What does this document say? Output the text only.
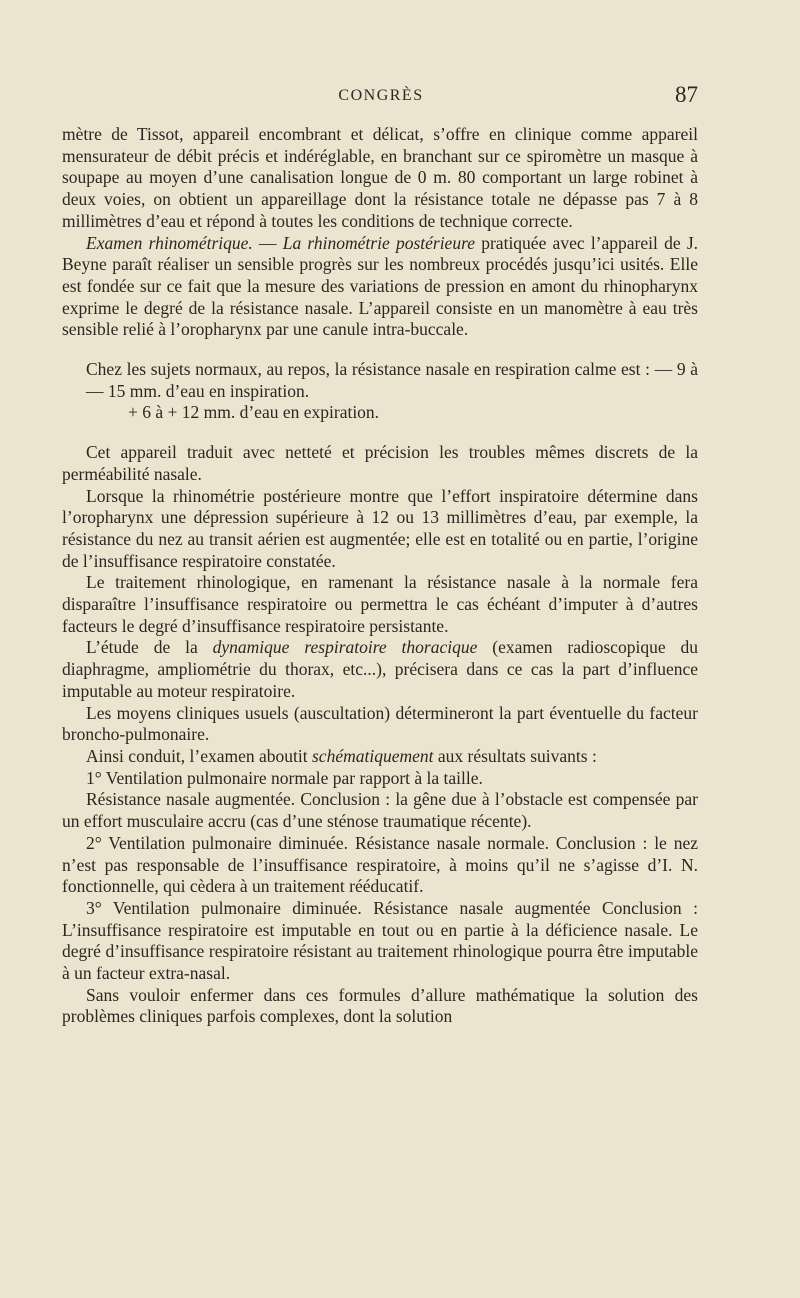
CONGRÈS	87

mètre de Tissot, appareil encombrant et délicat, s’offre en clinique comme appareil mensurateur de débit précis et indéréglable, en branchant sur ce spiromètre un masque à soupape au moyen d’une canalisation longue de 0 m. 80 comportant un large robinet à deux voies, on obtient un appareillage dont la résistance totale ne dépasse pas 7 à 8 millimètres d’eau et répond à toutes les conditions de technique correcte.

Examen rhinométrique. — La rhinométrie postérieure pratiquée avec l’appareil de J. Beyne paraît réaliser un sensible progrès sur les nombreux procédés jusqu’ici usités. Elle est fondée sur ce fait que la mesure des variations de pression en amont du rhinopharynx exprime le degré de la résistance nasale. L’appareil consiste en un manomètre à eau très sensible relié à l’oropharynx par une canule intra-buccale.

Chez les sujets normaux, au repos, la résistance nasale en respiration calme est : — 9 à — 15 mm. d’eau en inspiration.

+ 6 à + 12 mm. d’eau en expiration.

Cet appareil traduit avec netteté et précision les troubles mêmes discrets de la perméabilité nasale.

Lorsque la rhinométrie postérieure montre que l’effort inspiratoire détermine dans l’oropharynx une dépression supérieure à 12 ou 13 millimètres d’eau, par exemple, la résistance du nez au transit aérien est augmentée; elle est en totalité ou en partie, l’origine de l’insuffisance respiratoire constatée.

Le traitement rhinologique, en ramenant la résistance nasale à la normale fera disparaître l’insuffisance respiratoire ou permettra le cas échéant d’imputer à d’autres facteurs le degré d’insuffisance respiratoire persistante.

L’étude de la dynamique respiratoire thoracique (examen radioscopique du diaphragme, ampliométrie du thorax, etc...), précisera dans ce cas la part d’influence imputable au moteur respiratoire.

Les moyens cliniques usuels (auscultation) détermineront la part éventuelle du facteur broncho-pulmonaire.

Ainsi conduit, l’examen aboutit schématiquement aux résultats suivants :

1° Ventilation pulmonaire normale par rapport à la taille.

Résistance nasale augmentée. Conclusion : la gêne due à l’obstacle est compensée par un effort musculaire accru (cas d’une sténose traumatique récente).

2° Ventilation pulmonaire diminuée. Résistance nasale normale. Conclusion : le nez n’est pas responsable de l’insuffisance respiratoire, à moins qu’il ne s’agisse d’I. N. fonctionnelle, qui cèdera à un traitement rééducatif.

3° Ventilation pulmonaire diminuée. Résistance nasale augmentée Conclusion : L’insuffisance respiratoire est imputable en tout ou en partie à la déficience nasale. Le degré d’insuffisance respiratoire résistant au traitement rhinologique pourra être imputable à un facteur extra-nasal.

Sans vouloir enfermer dans ces formules d’allure mathématique la solution des problèmes cliniques parfois complexes, dont la solution
